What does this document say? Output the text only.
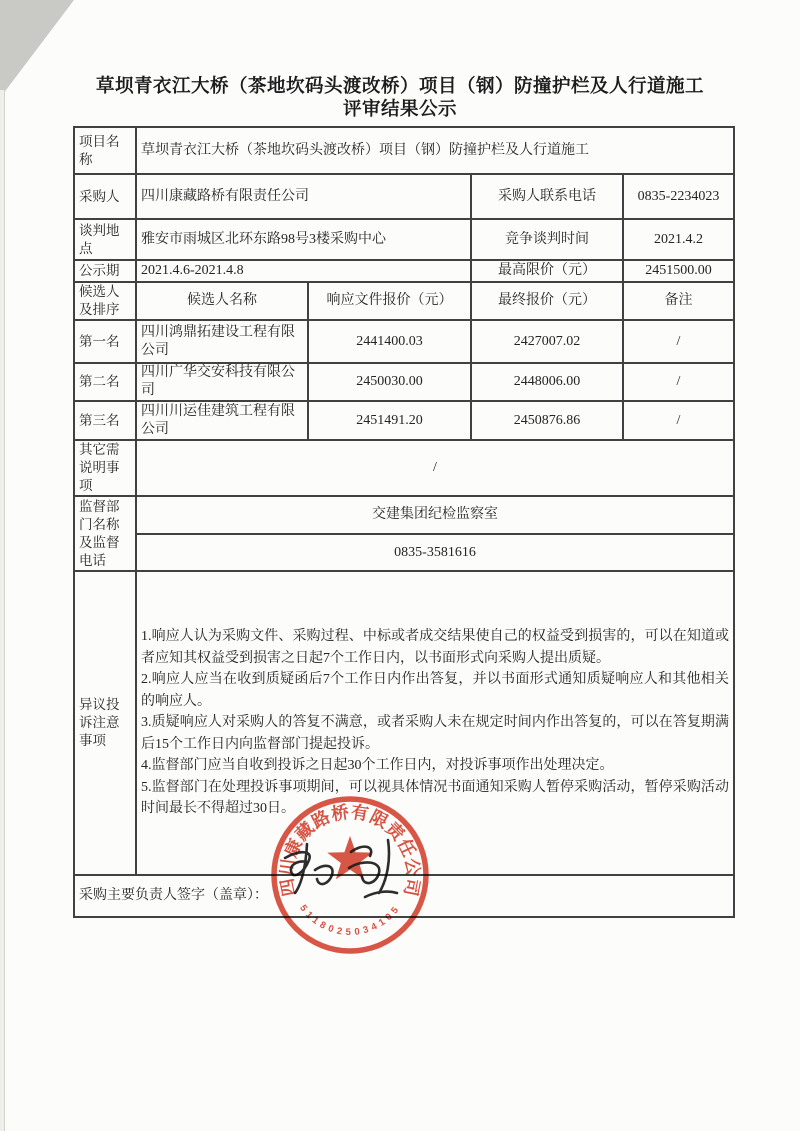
草坝青衣江大桥（茶地坎码头渡改桥）项目（钢）防撞护栏及人行道施工
评审结果公示
项目名称	草坝青衣江大桥（茶地坎码头渡改桥）项目（钢）防撞护栏及人行道施工			
采购人	四川康藏路桥有限责任公司		采购人联系电话	0835-2234023
谈判地点	雅安市雨城区北环东路98号3楼采购中心		竞争谈判时间	2021.4.2
公示期	2021.4.6-2021.4.8		最高限价（元）	2451500.00
候选人及排序	候选人名称	响应文件报价（元）	最终报价（元）	备注
第一名	四川鸿鼎拓建设工程有限公司	2441400.03	2427007.02	/
第二名	四川广华交安科技有限公司	2450030.00	2448006.00	/
第三名	四川川运佳建筑工程有限公司	2451491.20	2450876.86	/
其它需说明事项	/			
监督部门名称及监督电话	交建集团纪检监察室			
	0835-3581616			
异议投诉注意事项	1.响应人认为采购文件、采购过程、中标或者成交结果使自己的权益受到损害的，可以在知道或者应知其权益受到损害之日起7个工作日内，以书面形式向采购人提出质疑。

2.响应人应当在收到质疑函后7个工作日内作出答复，并以书面形式通知质疑响应人和其他相关的响应人。

3.质疑响应人对采购人的答复不满意，或者采购人未在规定时间内作出答复的，可以在答复期满后15个工作日内向监督部门提起投诉。

4.监督部门应当自收到投诉之日起30个工作日内，对投诉事项作出处理决定。

5.监督部门在处理投诉事项期间，可以视具体情况书面通知采购人暂停采购活动，暂停采购活动时间最长不得超过30日。			

采购主要负责人签字（盖章）：				四川康藏路桥有限责任公司
5118025034105
